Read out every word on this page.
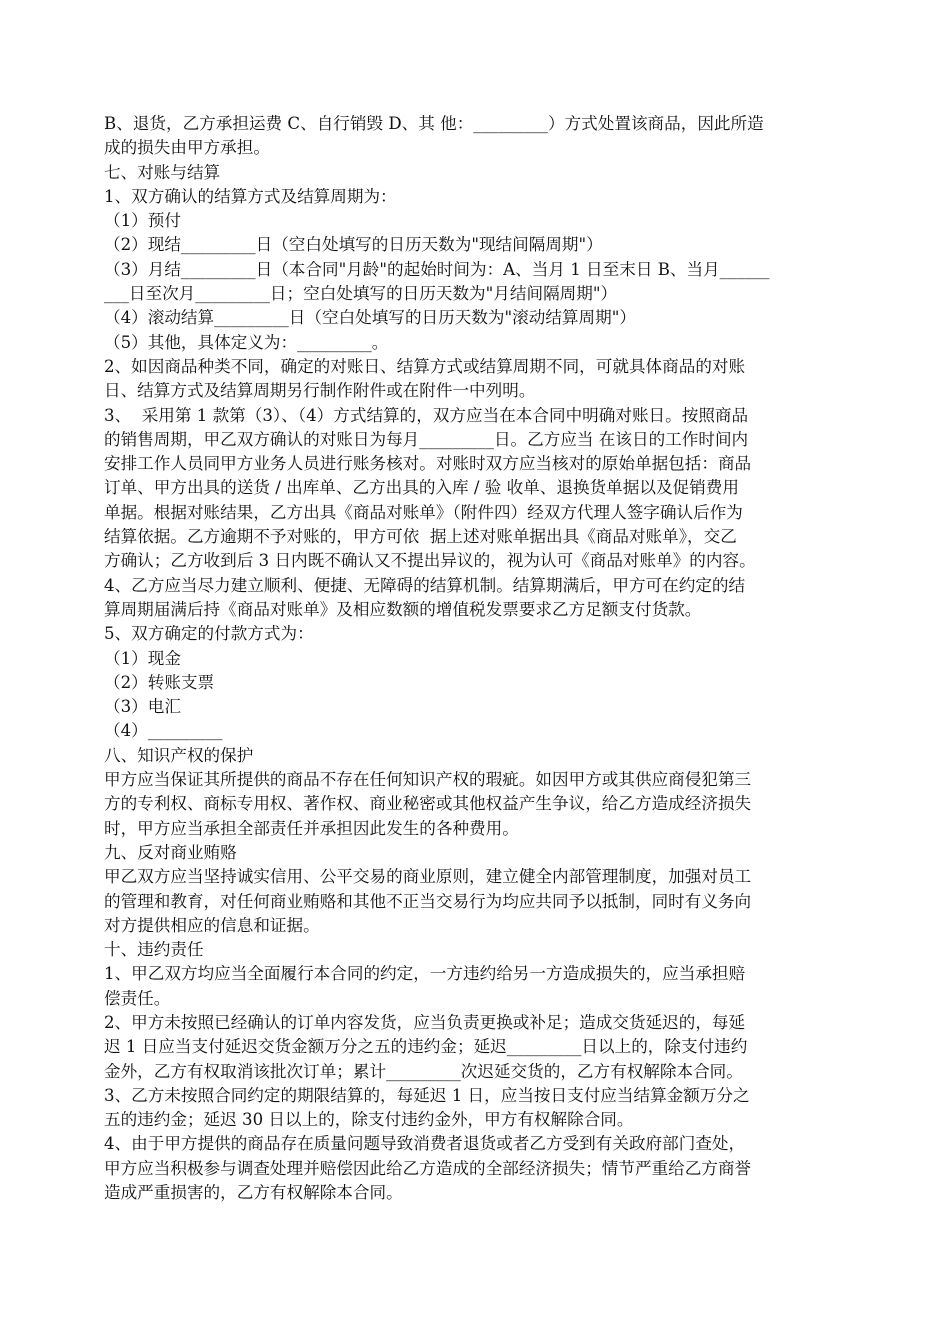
B、退货，乙方承担运费 C、自行销毁 D、其 他：_________）方式处置该商品，因此所造
成的损失由甲方承担。
七、对账与结算
1、双方确认的结算方式及结算周期为：
（1）预付
（2）现结_________日（空白处填写的日历天数为"现结间隔周期"）
（3）月结_________日（本合同"月龄"的起始时间为：A、当月 1 日至末日 B、当月______
___日至次月_________日；空白处填写的日历天数为"月结间隔周期"）
（4）滚动结算_________日（空白处填写的日历天数为"滚动结算周期"）
（5）其他，具体定义为：_________。
2、如因商品种类不同，确定的对账日、结算方式或结算周期不同，可就具体商品的对账
日、结算方式及结算周期另行制作附件或在附件一中列明。
3、  采用第 1 款第（3）、（4）方式结算的，双方应当在本合同中明确对账日。按照商品
的销售周期，甲乙双方确认的对账日为每月_________日。乙方应当 在该日的工作时间内
安排工作人员同甲方业务人员进行账务核对。对账时双方应当核对的原始单据包括：商品
订单、甲方出具的送货 / 出库单、乙方出具的入库 / 验 收单、退换货单据以及促销费用
单据。根据对账结果，乙方出具《商品对账单》（附件四）经双方代理人签字确认后作为
结算依据。乙方逾期不予对账的，甲方可依  据上述对账单据出具《商品对账单》，交乙
方确认；乙方收到后 3 日内既不确认又不提出异议的，视为认可《商品对账单》的内容。
4、乙方应当尽力建立顺利、便捷、无障碍的结算机制。结算期满后，甲方可在约定的结
算周期届满后持《商品对账单》及相应数额的增值税发票要求乙方足额支付货款。
5、双方确定的付款方式为：
（1）现金
（2）转账支票
（3）电汇
（4）_________
八、知识产权的保护
甲方应当保证其所提供的商品不存在任何知识产权的瑕疵。如因甲方或其供应商侵犯第三
方的专利权、商标专用权、著作权、商业秘密或其他权益产生争议，给乙方造成经济损失
时，甲方应当承担全部责任并承担因此发生的各种费用。
九、反对商业贿赂
甲乙双方应当坚持诚实信用、公平交易的商业原则，建立健全内部管理制度，加强对员工
的管理和教育，对任何商业贿赂和其他不正当交易行为均应共同予以抵制，同时有义务向
对方提供相应的信息和证据。
十、违约责任
1、甲乙双方均应当全面履行本合同的约定，一方违约给另一方造成损失的，应当承担赔
偿责任。
2、甲方未按照已经确认的订单内容发货，应当负责更换或补足；造成交货延迟的，每延
迟 1 日应当支付延迟交货金额万分之五的违约金；延迟_________日以上的，除支付违约
金外，乙方有权取消该批次订单；累计_________次迟延交货的，乙方有权解除本合同。
3、乙方未按照合同约定的期限结算的，每延迟 1 日，应当按日支付应当结算金额万分之
五的违约金；延迟 30 日以上的，除支付违约金外，甲方有权解除合同。
4、由于甲方提供的商品存在质量问题导致消费者退货或者乙方受到有关政府部门查处，
甲方应当积极参与调查处理并赔偿因此给乙方造成的全部经济损失；情节严重给乙方商誉
造成严重损害的，乙方有权解除本合同。
